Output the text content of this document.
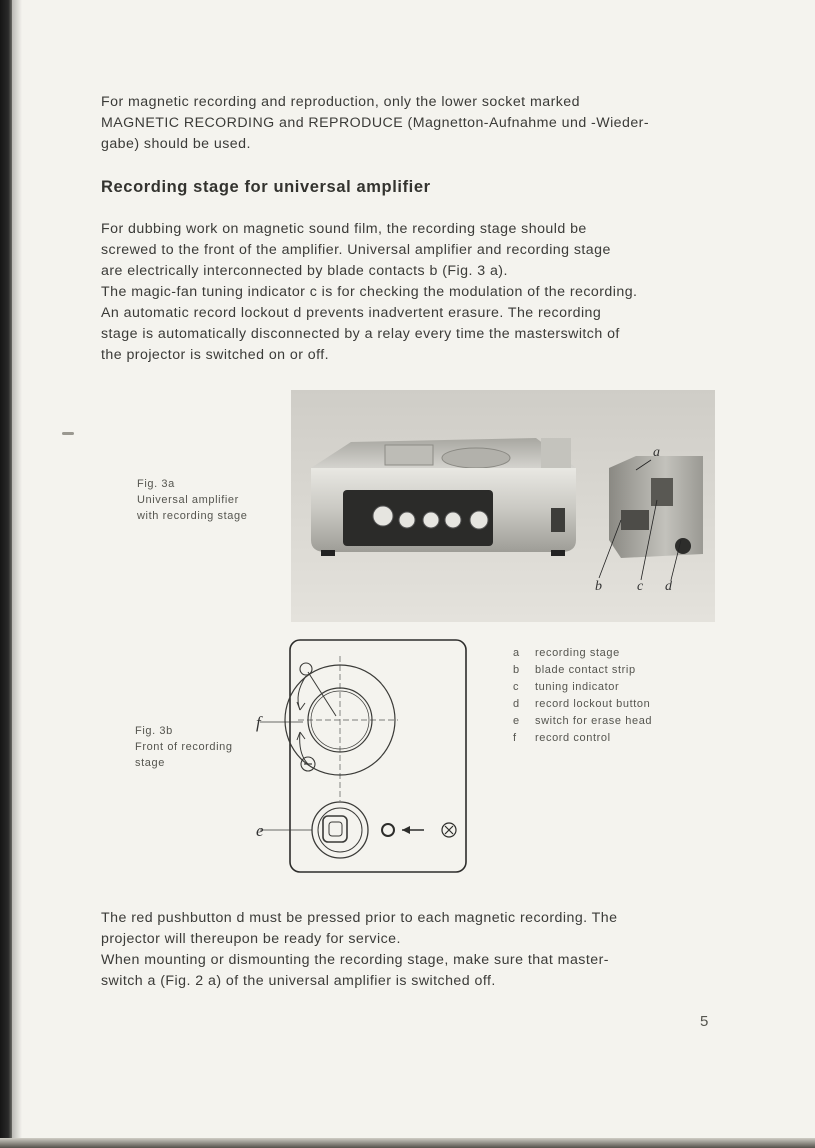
For magnetic recording and reproduction, only the lower socket marked
MAGNETIC RECORDING and REPRODUCE (Magnetton-Aufnahme und -Wieder-
gabe) should be used.

Recording stage for universal amplifier

For dubbing work on magnetic sound film, the recording stage should be
screwed to the front of the amplifier. Universal amplifier and recording stage
are electrically interconnected by blade contacts b (Fig. 3 a).
The magic-fan tuning indicator c is for checking the modulation of the recording.
An automatic record lockout d prevents inadvertent erasure. The recording
stage is automatically disconnected by a relay every time the masterswitch of
the projector is switched on or off.

Fig. 3a
Universal amplifier
with recording stage
a
b	c d
Fig. 3b
Front of recording
stage
f
e
a	recording stage
b	blade contact strip
c	tuning indicator
d	record lockout button
e	switch for erase head
f	record control

The red pushbutton d must be pressed prior to each magnetic recording. The
projector will thereupon be ready for service.
When mounting or dismounting the recording stage, make sure that master-
switch a (Fig. 2 a) of the universal amplifier is switched off.

5
